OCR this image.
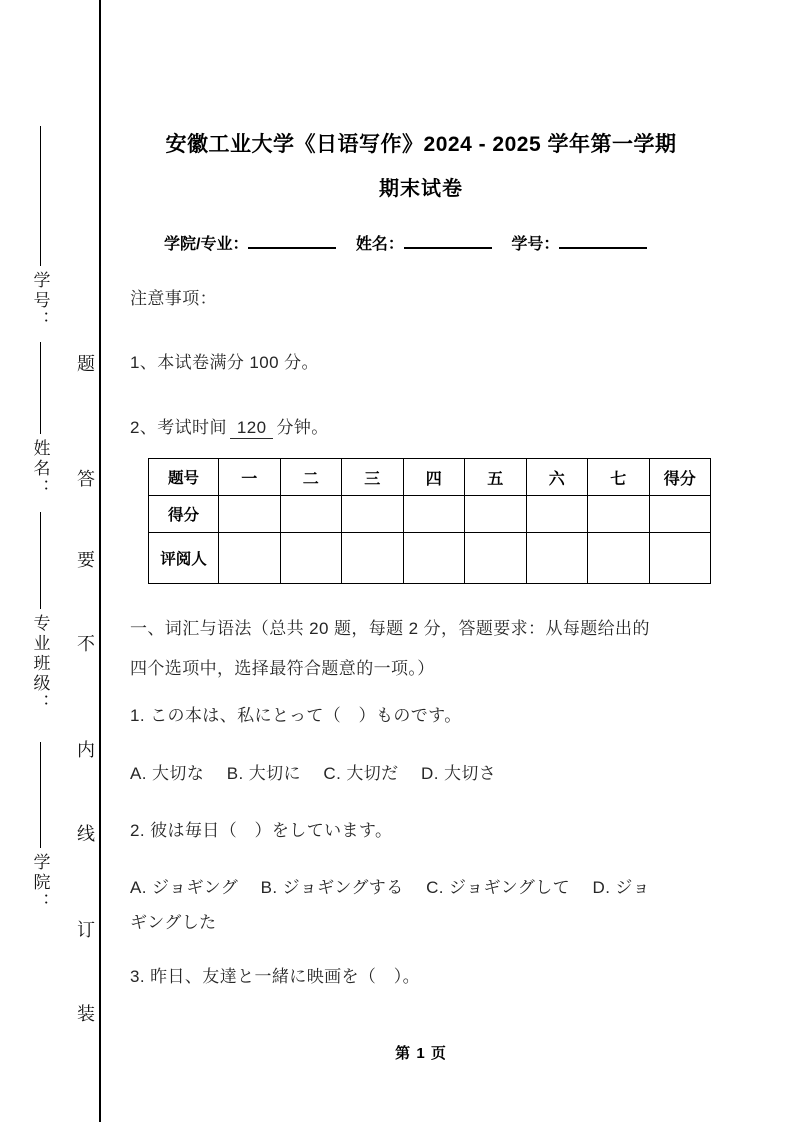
学号：
姓名：
专业班级：
学院：
题
答
要
不
内
线
订
装
安徽工业大学《日语写作》2024 - 2025 学年第一学期
期末试卷
学院/专业：	姓名：	学号：

注意事项：

1、本试卷满分 100 分。

2、考试时间 120 分钟。

题号	一	二	三	四	五	六	七	得分
得分								
评阅人								

一、词汇与语法（总共 20 题，每题 2 分，答题要求：从每题给出的

四个选项中，选择最符合题意的一项。）

1. この本は、私にとって（　）ものです。

A. 大切な　 B. 大切に　 C. 大切だ　 D. 大切さ

2. 彼は毎日（　）をしています。

A. ジョギング　 B. ジョギングする　 C. ジョギングして　 D. ジョ

ギングした

3. 昨日、友達と一緒に映画を（　）。

第 1 页
